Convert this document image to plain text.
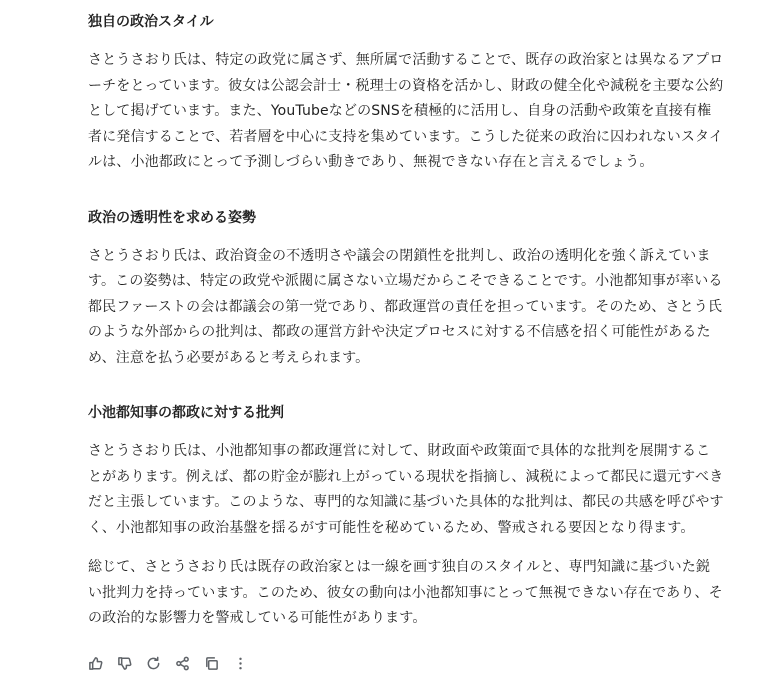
独自の政治スタイル

さとうさおり氏は、特定の政党に属さず、無所属で活動することで、既存の政治家とは異なるアプローチをとっています。彼女は公認会計士・税理士の資格を活かし、財政の健全化や減税を主要な公約として掲げています。また、YouTubeなどのSNSを積極的に活用し、自身の活動や政策を直接有権者に発信することで、若者層を中心に支持を集めています。こうした従来の政治に囚われないスタイルは、小池都政にとって予測しづらい動きであり、無視できない存在と言えるでしょう。

政治の透明性を求める姿勢

さとうさおり氏は、政治資金の不透明さや議会の閉鎖性を批判し、政治の透明化を強く訴えています。この姿勢は、特定の政党や派閥に属さない立場だからこそできることです。小池都知事が率いる都民ファーストの会は都議会の第一党であり、都政運営の責任を担っています。そのため、さとう氏のような外部からの批判は、都政の運営方針や決定プロセスに対する不信感を招く可能性があるため、注意を払う必要があると考えられます。

小池都知事の都政に対する批判

さとうさおり氏は、小池都知事の都政運営に対して、財政面や政策面で具体的な批判を展開することがあります。例えば、都の貯金が膨れ上がっている現状を指摘し、減税によって都民に還元すべきだと主張しています。このような、専門的な知識に基づいた具体的な批判は、都民の共感を呼びやすく、小池都知事の政治基盤を揺るがす可能性を秘めているため、警戒される要因となり得ます。

総じて、さとうさおり氏は既存の政治家とは一線を画す独自のスタイルと、専門知識に基づいた鋭い批判力を持っています。このため、彼女の動向は小池都知事にとって無視できない存在であり、その政治的な影響力を警戒している可能性があります。
